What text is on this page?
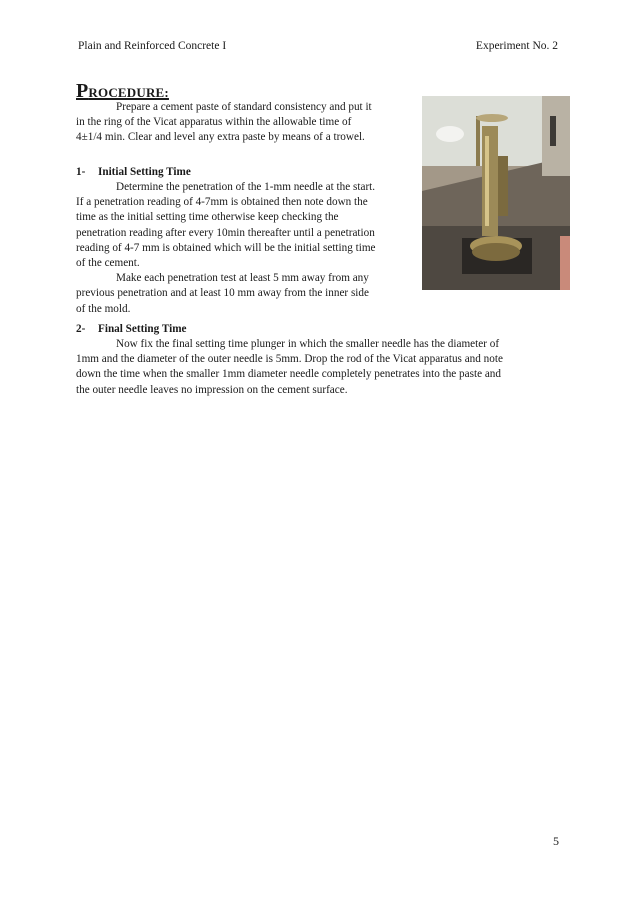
Plain and Reinforced Concrete I	Experiment No. 2
PROCEDURE:
Prepare a cement paste of standard consistency and put it
in the ring of the Vicat apparatus within the allowable time of
4±1/4 min. Clear and level any extra paste by means of a trowel.
1- Initial Setting Time
Determine the penetration of the 1-mm needle at the start.
If a penetration reading of 4-7mm is obtained then note down the
time as the initial setting time otherwise keep checking the
penetration reading after every 10min thereafter until a penetration
reading of 4-7 mm is obtained which will be the initial setting time
of the cement.
Make each penetration test at least 5 mm away from any
previous penetration and at least 10 mm away from the inner side
of the mold.
2- Final Setting Time
Now fix the final setting time plunger in which the smaller needle has the diameter of
1mm and the diameter of the outer needle is 5mm. Drop the rod of the Vicat apparatus and note
down the time when the smaller 1mm diameter needle completely penetrates into the paste and
the outer needle leaves no impression on the cement surface.
5
